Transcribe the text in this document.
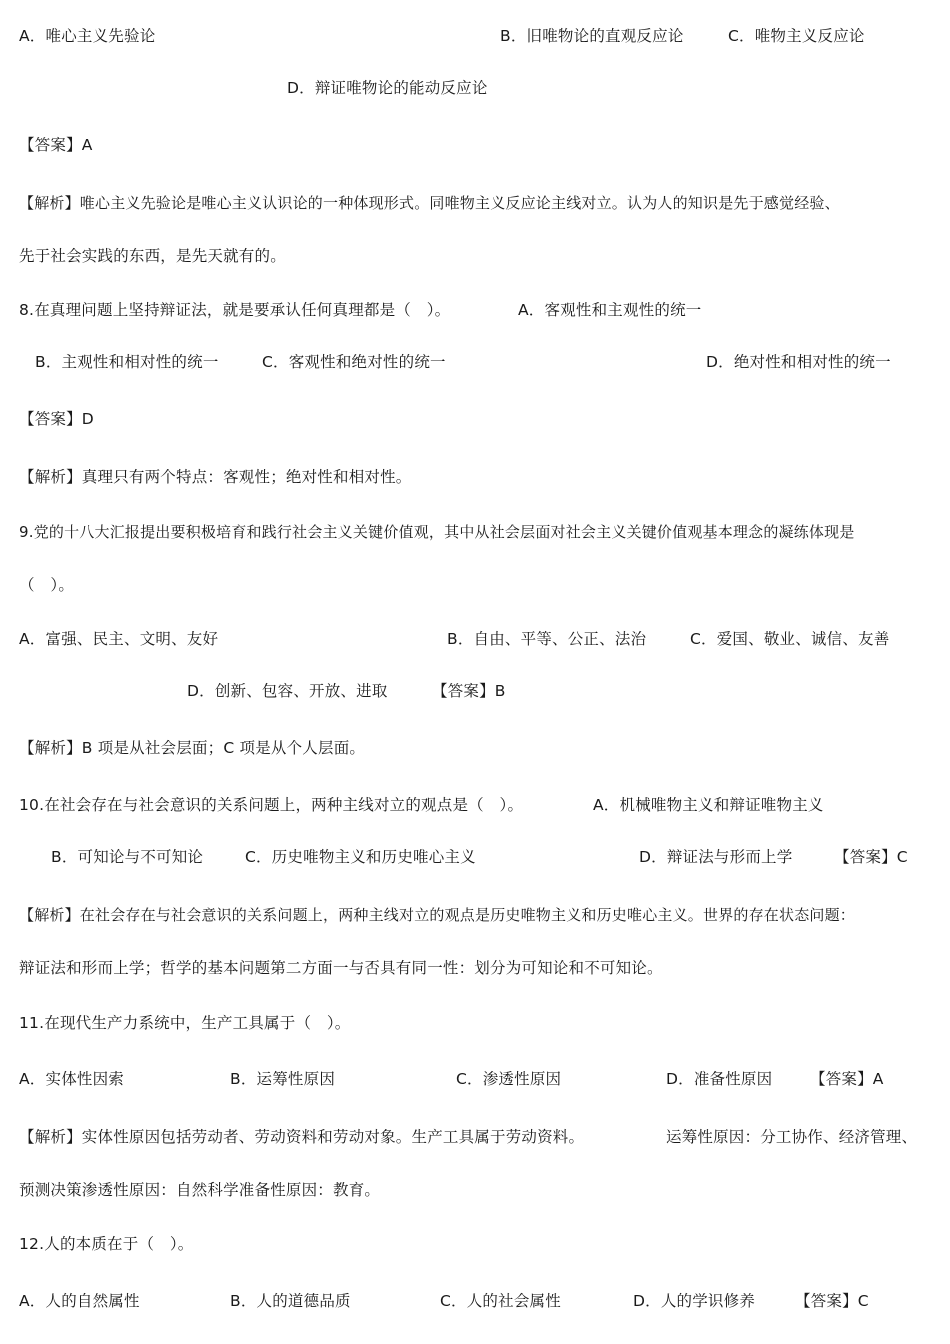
A．唯心主义先验论	B．旧唯物论的直观反应论	C．唯物主义反应论
D．辩证唯物论的能动反应论
【答案】A
【解析】唯心主义先验论是唯心主义认识论的一种体现形式。同唯物主义反应论主线对立。认为人的知识是先于感觉经验、
先于社会实践的东西，是先天就有的。
8.在真理问题上坚持辩证法，就是要承认任何真理都是（　）。	A．客观性和主观性的统一
B．主观性和相对性的统一	C．客观性和绝对性的统一	D．绝对性和相对性的统一
【答案】D
【解析】真理只有两个特点：客观性；绝对性和相对性。
9.党的十八大汇报提出要积极培育和践行社会主义关键价值观，其中从社会层面对社会主义关键价值观基本理念的凝练体现是
（　）。
A．富强、民主、文明、友好	B．自由、平等、公正、法治	C．爱国、敬业、诚信、友善
D．创新、包容、开放、进取	【答案】B
【解析】B 项是从社会层面；C 项是从个人层面。
10.在社会存在与社会意识的关系问题上，两种主线对立的观点是（　）。	A．机械唯物主义和辩证唯物主义
B．可知论与不可知论	C．历史唯物主义和历史唯心主义	D．辩证法与形而上学	【答案】C
【解析】在社会存在与社会意识的关系问题上，两种主线对立的观点是历史唯物主义和历史唯心主义。世界的存在状态问题：
辩证法和形而上学；哲学的基本问题第二方面一与否具有同一性：划分为可知论和不可知论。
11.在现代生产力系统中，生产工具属于（　）。
A．实体性因索	B．运筹性原因	C．渗透性原因	D．准备性原因 【答案】A
【解析】实体性原因包括劳动者、劳动资料和劳动对象。生产工具属于劳动资料。	运筹性原因：分工协作、经济管理、
预测决策渗透性原因：自然科学准备性原因：教育。
12.人的本质在于（　）。
A．人的自然属性	B．人的道德品质	C．人的社会属性	D．人的学识修养	【答案】C
